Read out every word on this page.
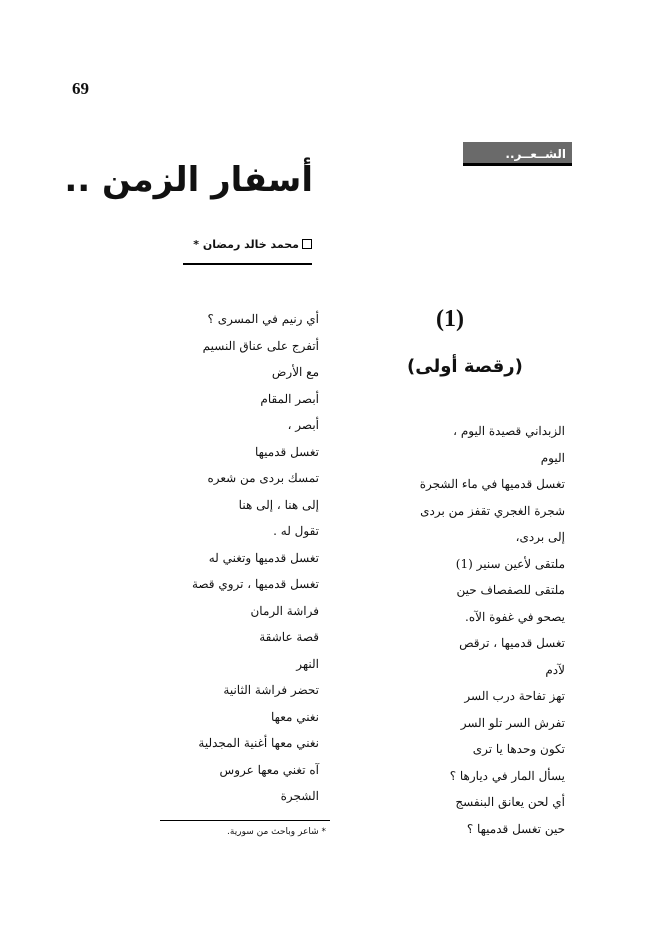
69
الشــعــر..
أسفار الزمن ..
محمد خالد رمضان *
أي رنيم في المسرى ؟
أتفرج على عناق النسيم
مع الأرض
أبصر المقام
أبصر ،
تغسل قدميها
تمسك بردى من شعره
إلى هنا ، إلى هنا
تقول له .
تغسل قدميها وتغني له
تغسل قدميها ، تروي قصة
فراشة الرمان
قصة عاشقة
النهر
تحضر فراشة الثانية
نغني معها
نغني معها أغنية المجدلية
آه تغني معها عروس
الشجرة
* شاعر وباحث من سورية.
(1)
(رقصة أولى)
الزبداني قصيدة اليوم ،
اليوم
تغسل قدميها في ماء الشجرة
شجرة الغجري تقفز من بردى
إلى بردى،
ملتقى لأعين سنير (1)
ملتقى للصفصاف حين
يصحو في غفوة الآه.
تغسل قدميها ، ترقص
لآدم
تهز تفاحة درب السر
تفرش السر تلو السر
تكون وحدها يا ترى
يسأل المار في ديارها ؟
أي لحن يعانق البنفسج
حين تغسل قدميها ؟
